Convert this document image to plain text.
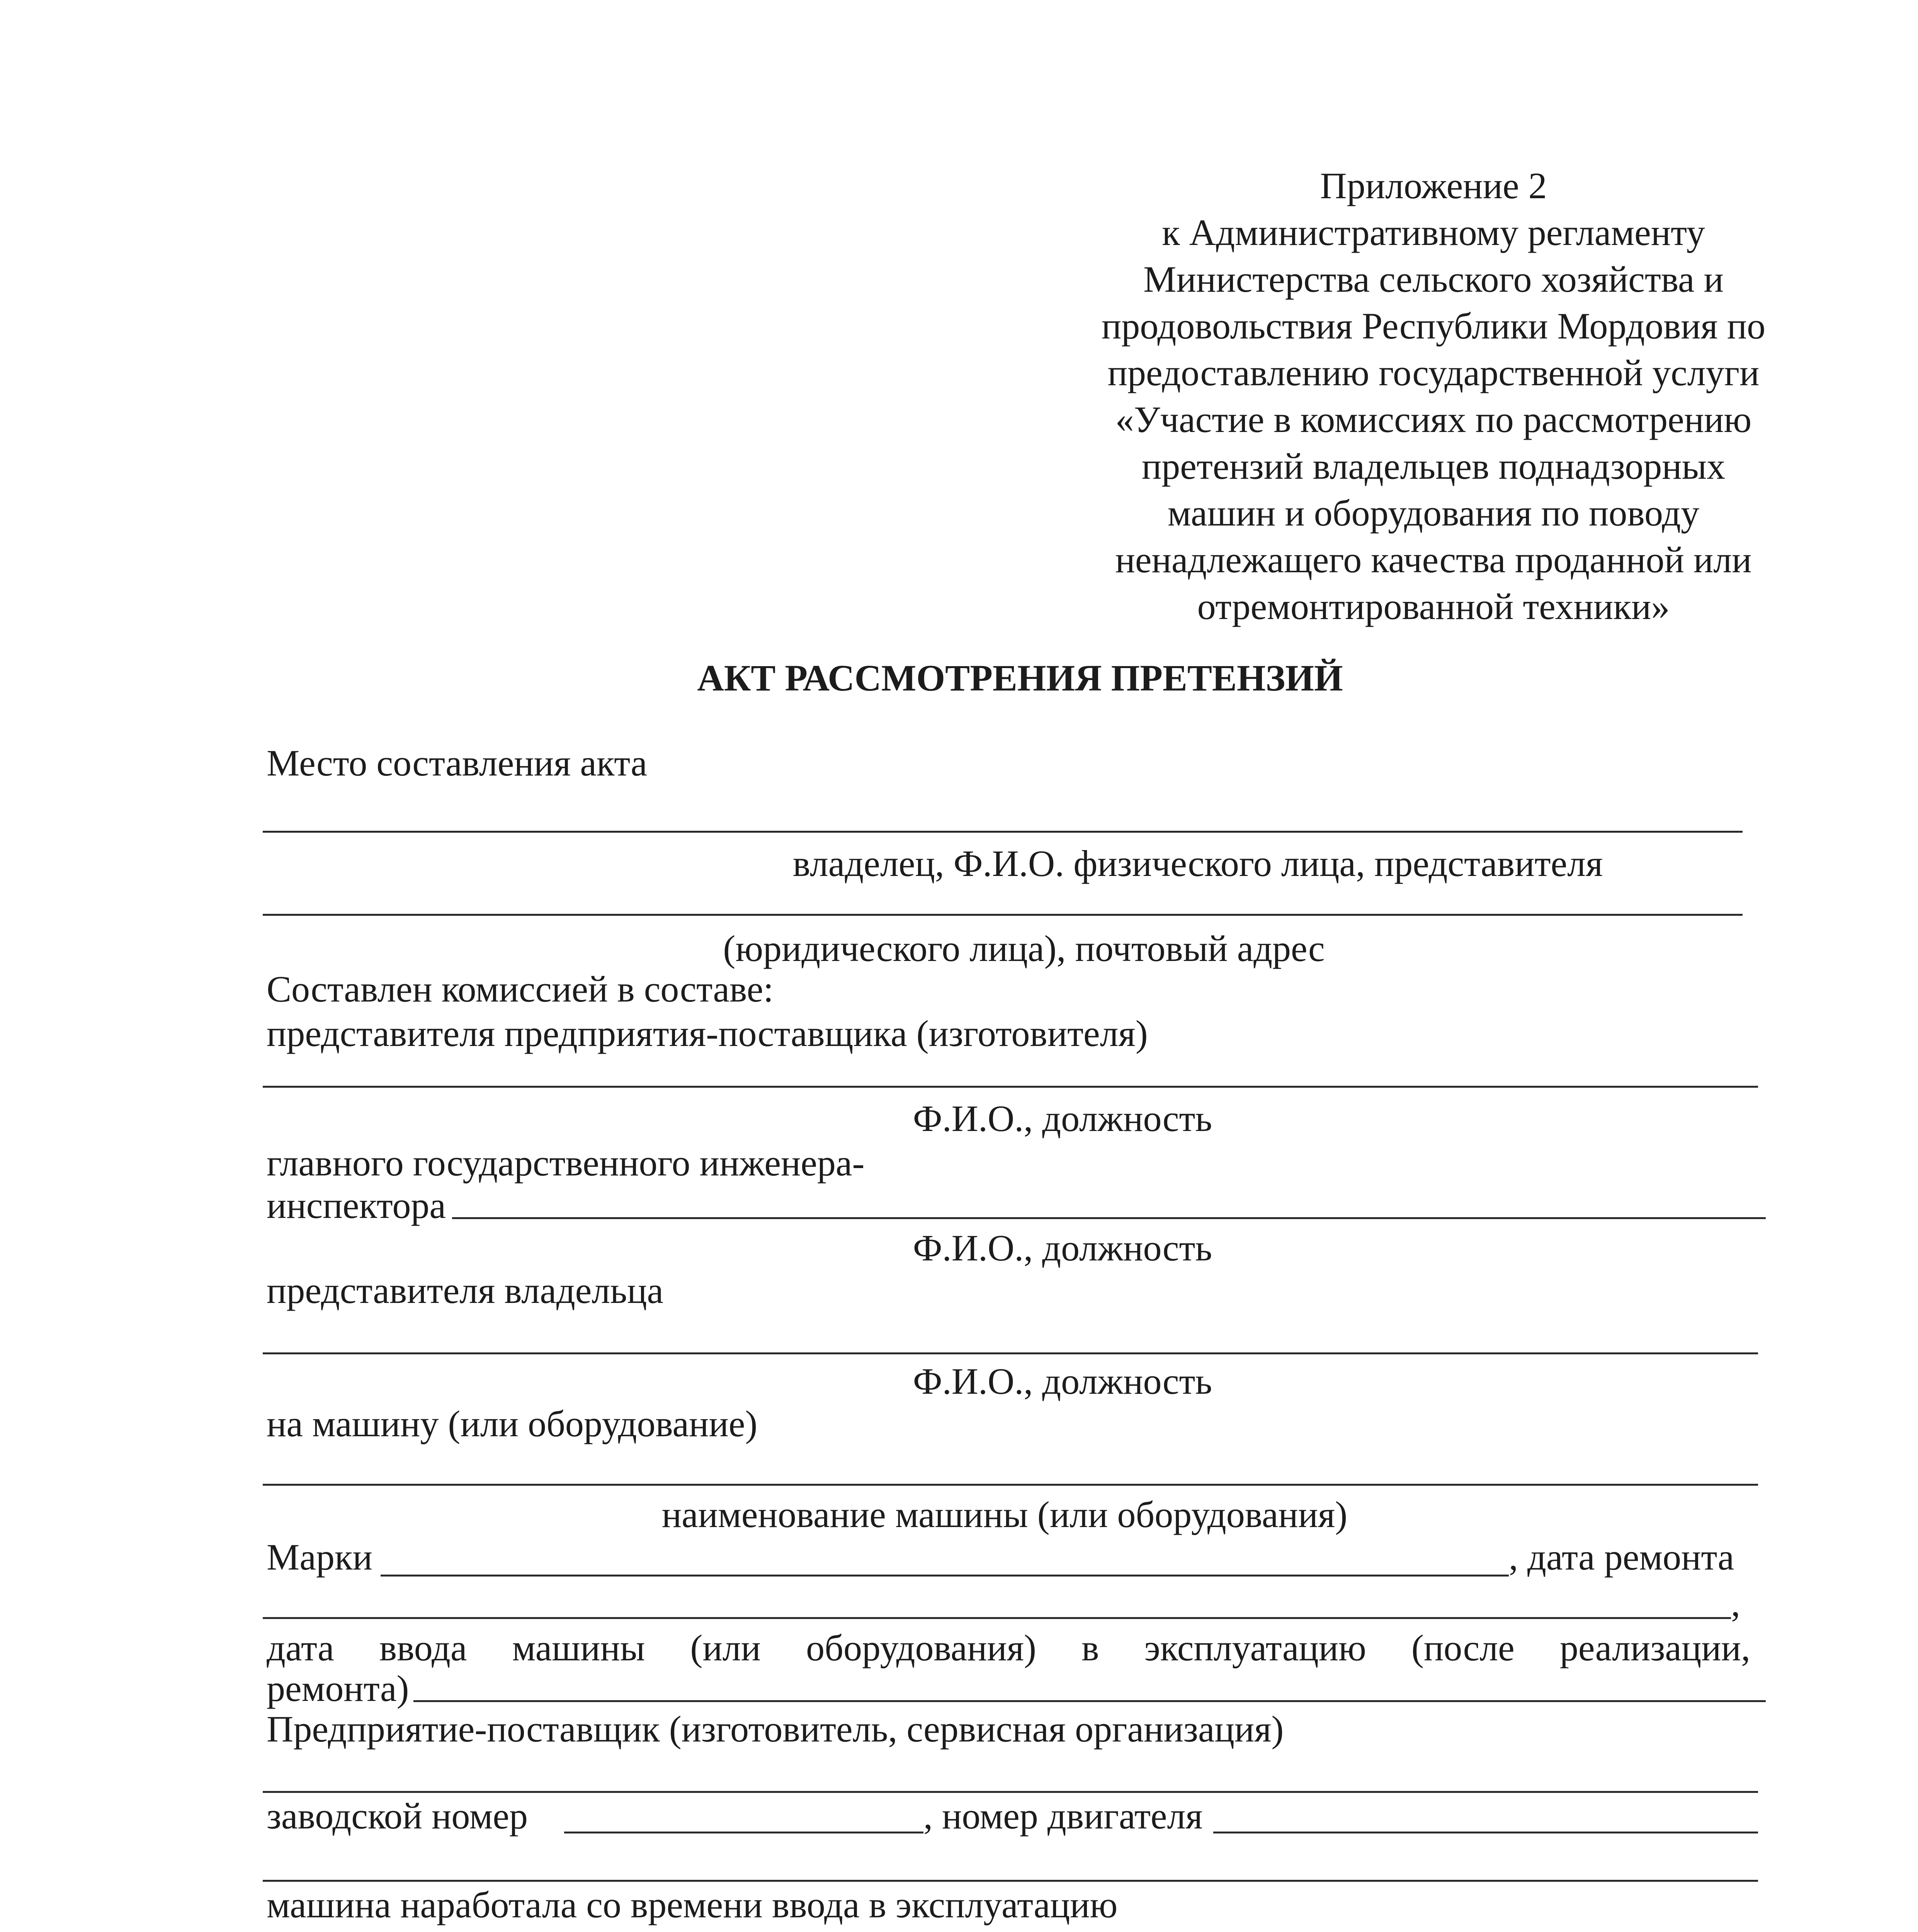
Приложение 2
к Административному регламенту
Министерства сельского хозяйства и
продовольствия Республики Мордовия по
предоставлению государственной услуги
«Участие в комиссиях по рассмотрению
претензий владельцев поднадзорных
машин и оборудования по поводу
ненадлежащего качества проданной или
отремонтированной техники»
АКТ РАССМОТРЕНИЯ ПРЕТЕНЗИЙ
Место составления акта
владелец, Ф.И.О. физического лица, представителя
(юридического лица), почтовый адрес
Составлен комиссией в составе:
представителя предприятия-поставщика (изготовителя)
Ф.И.О., должность
главного государственного инженера-
инспектора
Ф.И.О., должность
представителя владельца
Ф.И.О., должность
на машину (или оборудование)
наименование машины (или оборудования)
Марки	, дата ремонта
,
дата ввода машины (или оборудования) в эксплуатацию (после реализации,
ремонта)
Предприятие-поставщик (изготовитель, сервисная организация)
заводской номер	, номер двигателя
машина наработала со времени ввода в эксплуатацию
